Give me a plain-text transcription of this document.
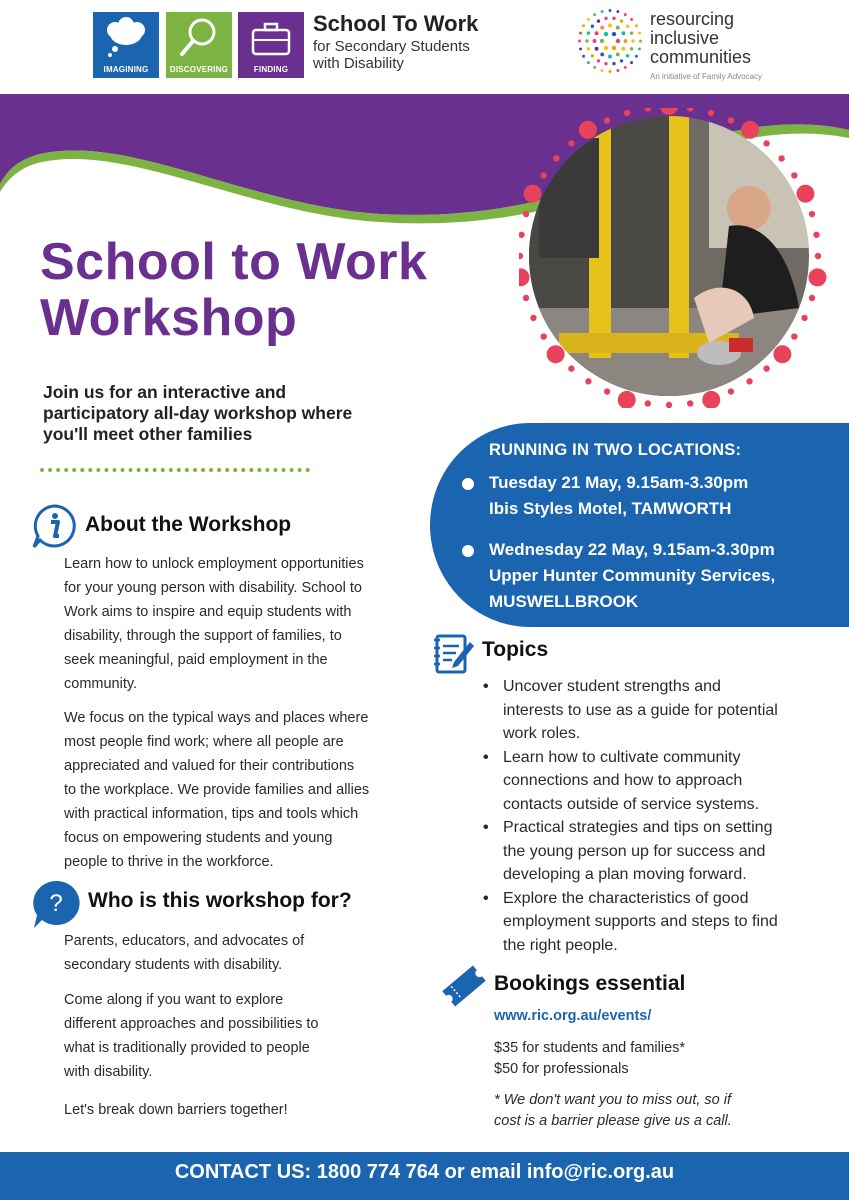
IMAGINING	DISCOVERING	FINDING
School To Work
for Secondary Students
with Disability
resourcing
inclusive
communities
An initiative of Family Advocacy
School to Work
Workshop
Join us for an interactive and
participatory all-day workshop where
you'll meet other families
RUNNING IN TWO LOCATIONS:
Tuesday 21 May, 9.15am-3.30pm
Ibis Styles Motel, TAMWORTH
Wednesday 22 May, 9.15am-3.30pm
Upper Hunter Community Services,
MUSWELLBROOK
About the Workshop
Learn how to unlock employment opportunities
for your young person with disability. School to
Work aims to inspire and equip students with
disability, through the support of families, to
seek meaningful, paid employment in the
community.
We focus on the typical ways and places where
most people find work; where all people are
appreciated and valued for their contributions
to the workplace. We provide families and allies
with practical information, tips and tools which
focus on empowering students and young
people to thrive in the workforce.
? Who is this workshop for?
Parents, educators, and advocates of
secondary students with disability.
Come along if you want to explore
different approaches and possibilities to
what is traditionally provided to people
with disability.
Let's break down barriers together!
Topics
• Uncover student strengths and
interests to use as a guide for potential
work roles.
• Learn how to cultivate community
connections and how to approach
contacts outside of service systems.
• Practical strategies and tips on setting
the young person up for success and
developing a plan moving forward.
• Explore the characteristics of good
employment supports and steps to find
the right people.
Bookings essential
www.ric.org.au/events/
$35 for students and families*
$50 for professionals
* We don't want you to miss out, so if
cost is a barrier please give us a call.
CONTACT US: 1800 774 764 or email info@ric.org.au
